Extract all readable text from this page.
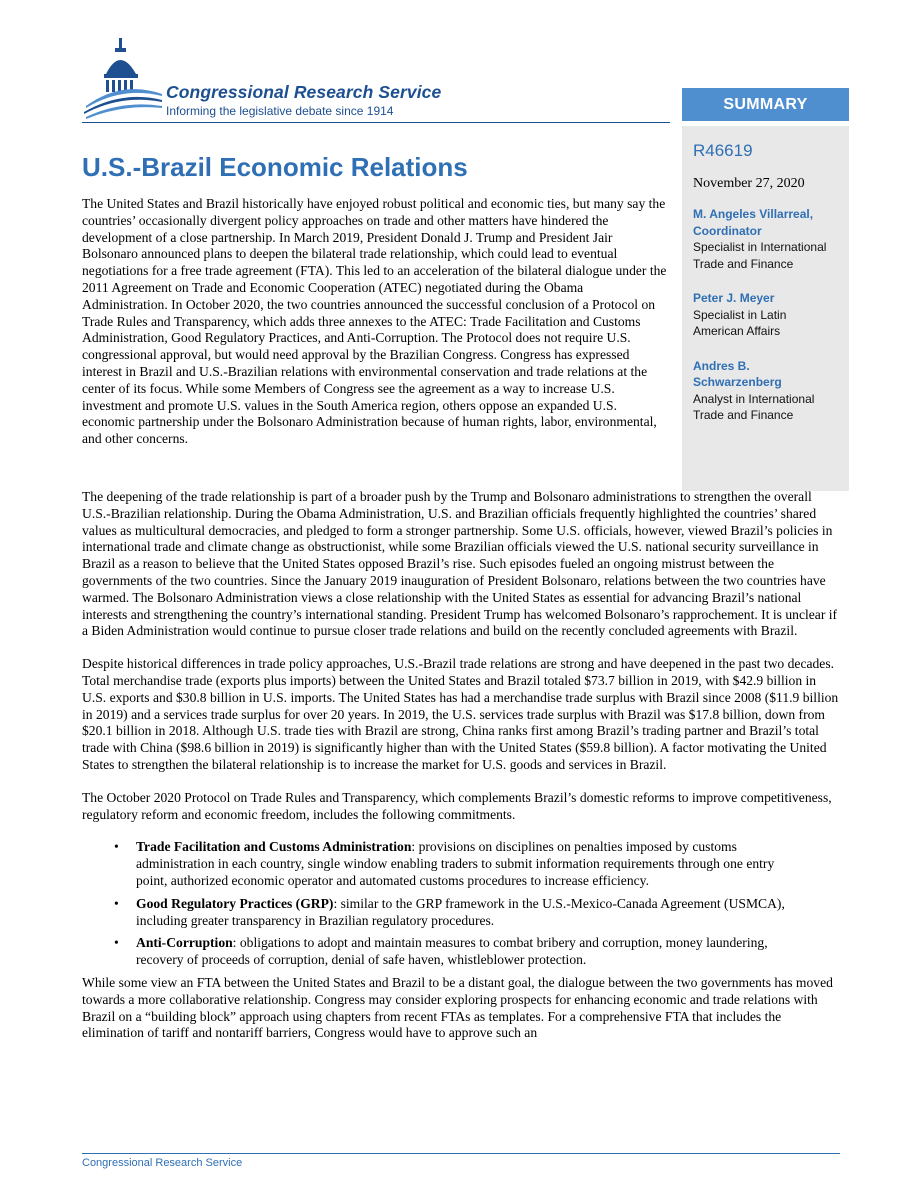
Congressional Research Service
Informing the legislative debate since 1914	SUMMARY
R46619
November 27, 2020
M. Angeles Villarreal,
Coordinator
Specialist in International
Trade and Finance
Peter J. Meyer
Specialist in Latin
American Affairs
Andres B. Schwarzenberg
Analyst in International
Trade and Finance
U.S.-Brazil Economic Relations

The United States and Brazil historically have enjoyed robust political and economic ties, but many say the countries’ occasionally divergent policy approaches on trade and other matters have hindered the development of a close partnership. In March 2019, President Donald J. Trump and President Jair Bolsonaro announced plans to deepen the bilateral trade relationship, which could lead to eventual negotiations for a free trade agreement (FTA). This led to an acceleration of the bilateral dialogue under the 2011 Agreement on Trade and Economic Cooperation (ATEC) negotiated during the Obama Administration. In October 2020, the two countries announced the successful conclusion of a Protocol on Trade Rules and Transparency, which adds three annexes to the ATEC: Trade Facilitation and Customs Administration, Good Regulatory Practices, and Anti-Corruption. The Protocol does not require U.S. congressional approval, but would need approval by the Brazilian Congress. Congress has expressed interest in Brazil and U.S.-Brazilian relations with environmental conservation and trade relations at the center of its focus. While some Members of Congress see the agreement as a way to increase U.S. investment and promote U.S. values in the South America region, others oppose an expanded U.S. economic partnership under the Bolsonaro Administration because of human rights, labor, environmental, and other concerns.

The deepening of the trade relationship is part of a broader push by the Trump and Bolsonaro administrations to strengthen the overall U.S.-Brazilian relationship. During the Obama Administration, U.S. and Brazilian officials frequently highlighted the countries’ shared values as multicultural democracies, and pledged to form a stronger partnership. Some U.S. officials, however, viewed Brazil’s policies in international trade and climate change as obstructionist, while some Brazilian officials viewed the U.S. national security surveillance in Brazil as a reason to believe that the United States opposed Brazil’s rise. Such episodes fueled an ongoing mistrust between the governments of the two countries. Since the January 2019 inauguration of President Bolsonaro, relations between the two countries have warmed. The Bolsonaro Administration views a close relationship with the United States as essential for advancing Brazil’s national interests and strengthening the country’s international standing. President Trump has welcomed Bolsonaro’s rapprochement. It is unclear if a Biden Administration would continue to pursue closer trade relations and build on the recently concluded agreements with Brazil.

Despite historical differences in trade policy approaches, U.S.-Brazil trade relations are strong and have deepened in the past two decades. Total merchandise trade (exports plus imports) between the United States and Brazil totaled $73.7 billion in 2019, with $42.9 billion in U.S. exports and $30.8 billion in U.S. imports. The United States has had a merchandise trade surplus with Brazil since 2008 ($11.9 billion in 2019) and a services trade surplus for over 20 years. In 2019, the U.S. services trade surplus with Brazil was $17.8 billion, down from $20.1 billion in 2018. Although U.S. trade ties with Brazil are strong, China ranks first among Brazil’s trading partner and Brazil’s total trade with China ($98.6 billion in 2019) is significantly higher than with the United States ($59.8 billion). A factor motivating the United States to strengthen the bilateral relationship is to increase the market for U.S. goods and services in Brazil.

The October 2020 Protocol on Trade Rules and Transparency, which complements Brazil’s domestic reforms to improve competitiveness, regulatory reform and economic freedom, includes the following commitments.

• Trade Facilitation and Customs Administration: provisions on disciplines on penalties imposed by customs administration in each country, single window enabling traders to submit information requirements through one entry point, authorized economic operator and automated customs procedures to increase efficiency.
• Good Regulatory Practices (GRP): similar to the GRP framework in the U.S.-Mexico-Canada Agreement (USMCA), including greater transparency in Brazilian regulatory procedures.
• Anti-Corruption: obligations to adopt and maintain measures to combat bribery and corruption, money laundering, recovery of proceeds of corruption, denial of safe haven, whistleblower protection.

While some view an FTA between the United States and Brazil to be a distant goal, the dialogue between the two governments has moved towards a more collaborative relationship. Congress may consider exploring prospects for enhancing economic and trade relations with Brazil on a “building block” approach using chapters from recent FTAs as templates. For a comprehensive FTA that includes the elimination of tariff and nontariff barriers, Congress would have to approve such an

Congressional Research Service
